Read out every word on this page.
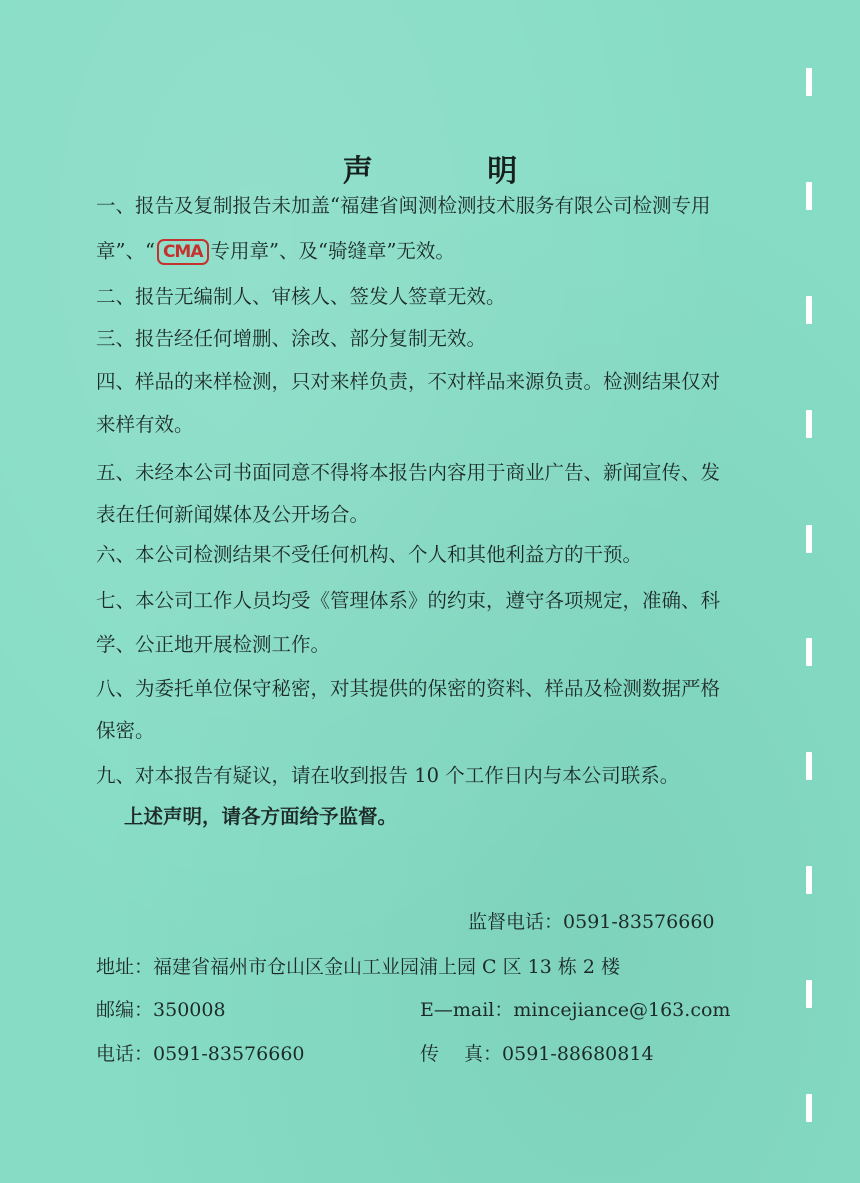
声 明
一、报告及复制报告未加盖“福建省闽测检测技术服务有限公司检测专用
章”、“ CMA 专用章”、及“骑缝章”无效。
二、报告无编制人、审核人、签发人签章无效。
三、报告经任何增删、涂改、部分复制无效。
四、样品的来样检测，只对来样负责，不对样品来源负责。检测结果仅对
来样有效。
五、未经本公司书面同意不得将本报告内容用于商业广告、新闻宣传、发
表在任何新闻媒体及公开场合。
六、本公司检测结果不受任何机构、个人和其他利益方的干预。
七、本公司工作人员均受《管理体系》的约束，遵守各项规定，准确、科
学、公正地开展检测工作。
八、为委托单位保守秘密，对其提供的保密的资料、样品及检测数据严格
保密。
九、对本报告有疑议，请在收到报告 10 个工作日内与本公司联系。
上述声明，请各方面给予监督。
监督电话：0591-83576660
地址：福建省福州市仓山区金山工业园浦上园 C 区 13 栋 2 楼
邮编：350008	E—mail：mincejiance@163.com
电话：0591-83576660	传　 真：0591-88680814
